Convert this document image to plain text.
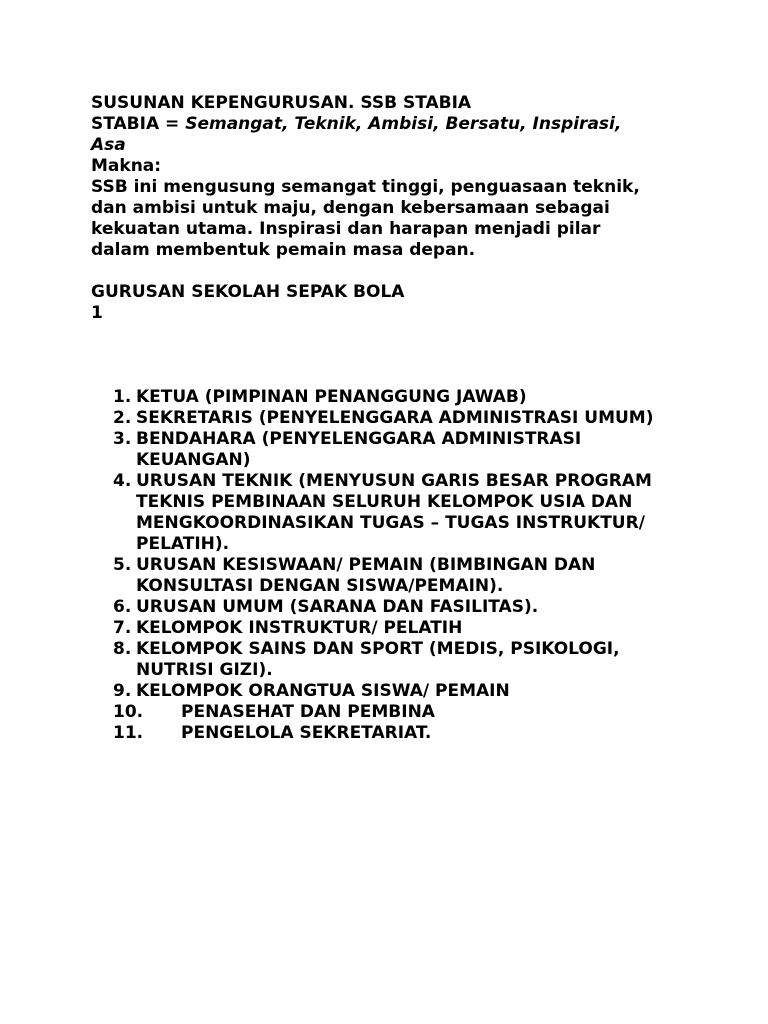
SUSUNAN KEPENGURUSAN. SSB STABIA
STABIA = Semangat, Teknik, Ambisi, Bersatu, Inspirasi,
Asa
Makna:
SSB ini mengusung semangat tinggi, penguasaan teknik,
dan ambisi untuk maju, dengan kebersamaan sebagai
kekuatan utama. Inspirasi dan harapan menjadi pilar
dalam membentuk pemain masa depan.
GURUSAN SEKOLAH SEPAK BOLA
1
1. KETUA (PIMPINAN PENANGGUNG JAWAB)
2. SEKRETARIS (PENYELENGGARA ADMINISTRASI UMUM)
3. BENDAHARA (PENYELENGGARA ADMINISTRASI
KEUANGAN)
4. URUSAN TEKNIK (MENYUSUN GARIS BESAR PROGRAM
TEKNIS PEMBINAAN SELURUH KELOMPOK USIA DAN
MENGKOORDINASIKAN TUGAS – TUGAS INSTRUKTUR/
PELATIH).
5. URUSAN KESISWAAN/ PEMAIN (BIMBINGAN DAN
KONSULTASI DENGAN SISWA/PEMAIN).
6. URUSAN UMUM (SARANA DAN FASILITAS).
7. KELOMPOK INSTRUKTUR/ PELATIH
8. KELOMPOK SAINS DAN SPORT (MEDIS, PSIKOLOGI,
NUTRISI GIZI).
9. KELOMPOK ORANGTUA SISWA/ PEMAIN
10. PENASEHAT DAN PEMBINA
11. PENGELOLA SEKRETARIAT.
